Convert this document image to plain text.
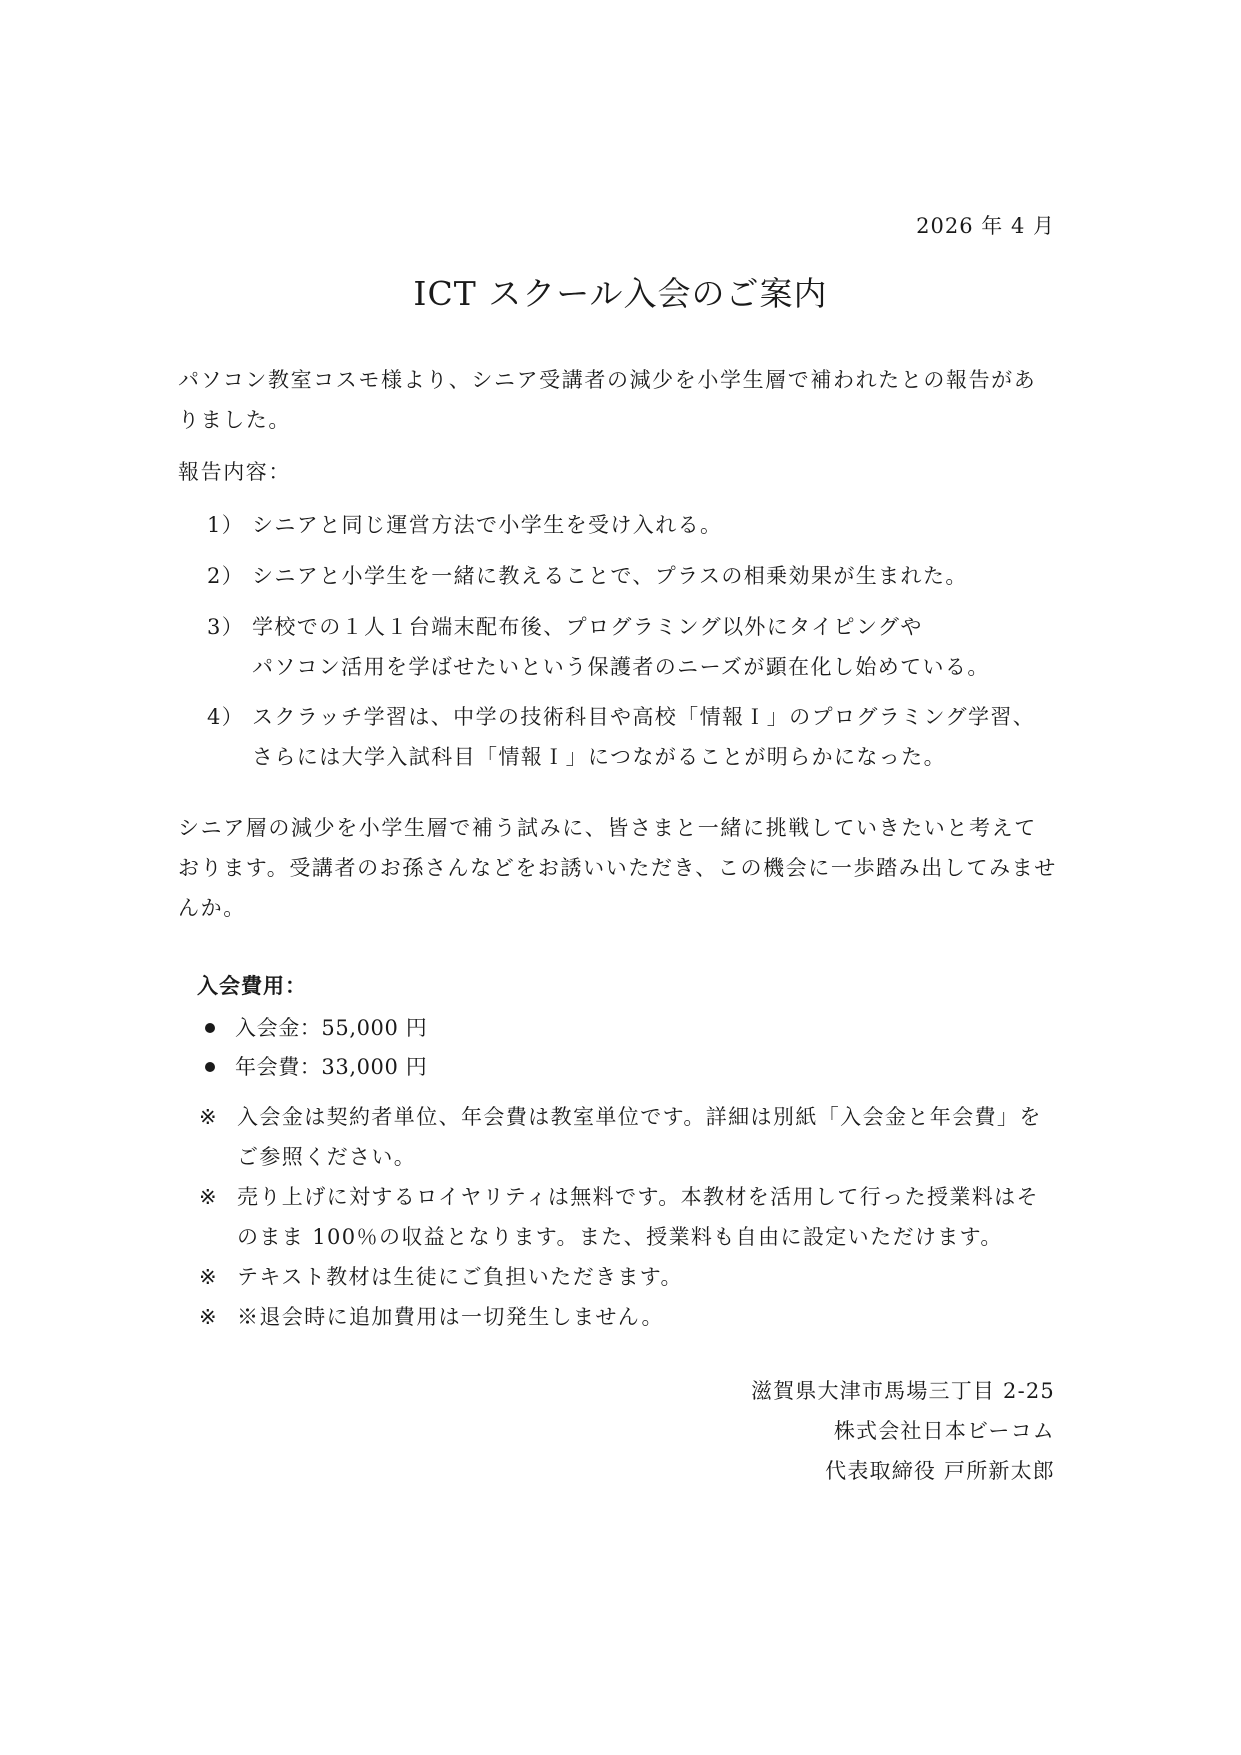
2026 年 4 月
ICT スクール入会のご案内

パソコン教室コスモ様より、シニア受講者の減少を小学生層で補われたとの報告がありました。

報告内容：
1） シニアと同じ運営方法で小学生を受け入れる。
2） シニアと小学生を一緒に教えることで、プラスの相乗効果が生まれた。
3） 学校での１人１台端末配布後、プログラミング以外にタイピングや
パソコン活用を学ばせたいという保護者のニーズが顕在化し始めている。
4） スクラッチ学習は、中学の技術科目や高校「情報Ｉ」のプログラミング学習、
さらには大学入試科目「情報Ｉ」につながることが明らかになった。

シニア層の減少を小学生層で補う試みに、皆さまと一緒に挑戦していきたいと考えております。受講者のお孫さんなどをお誘いいただき、この機会に一歩踏み出してみませんか。

入会費用：
入会金：55,000 円
年会費：33,000 円
※ 入会金は契約者単位、年会費は教室単位です。詳細は別紙「入会金と年会費」を
ご参照ください。
※ 売り上げに対するロイヤリティは無料です。本教材を活用して行った授業料はそ
のまま 100％の収益となります。また、授業料も自由に設定いただけます。
※ テキスト教材は生徒にご負担いただきます。
※ ※退会時に追加費用は一切発生しません。
滋賀県大津市馬場三丁目 2-25
株式会社日本ビーコム
代表取締役 戸所新太郎
